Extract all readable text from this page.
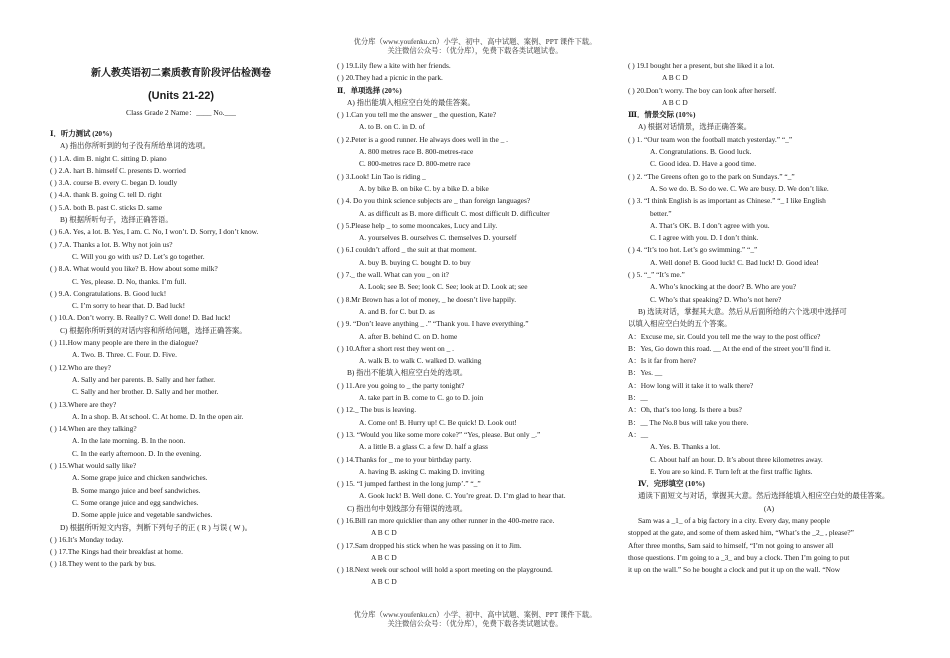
优分库（www.youfenku.cn）小学、初中、高中试题、案例、PPT 课件下载。
关注微信公众号：（优分库），免费下载各类试题试卷。
新人教英语初二素质教育阶段评估检测卷
(Units 21-22)
Class Grade 2 Name：____ No.___
Ⅰ．听力测试 (20%)
A) 指出你所听到的句子没有所给单词的选项。
( ) 1.A. dim B. night C. sitting D. piano
( ) 2.A. hart B. himself C. presents D. worried
( ) 3.A. course B. every C. began D. loudly
( ) 4.A. thank B. going C. tell D. right
( ) 5.A. both B. past C. sticks D. same
B) 根据所听句子，选择正确答语。
( ) 6.A. Yes, a lot. B. Yes, I am. C. No, I won’t. D. Sorry, I don’t know.
( ) 7.A. Thanks a lot. B. Why not join us?
C. Will you go with us? D. Let’s go together.
( ) 8.A. What would you like? B. How about some milk?
C. Yes, please. D. No, thanks. I’m full.
( ) 9.A. Congratulations. B. Good luck!
C. I’m sorry to hear that. D. Bad luck!
( ) 10.A. Don’t worry. B. Really? C. Well done! D. Bad luck!
C) 根据你所听到的对话内容和所给问题，选择正确答案。
( ) 11.How many people are there in the dialogue?
A. Two. B. Three. C. Four. D. Five.
( ) 12.Who are they?
A. Sally and her parents. B. Sally and her father.
C. Sally and her brother. D. Sally and her mother.
( ) 13.Where are they?
A. In a shop. B. At school. C. At home. D. In the open air.
( ) 14.When are they talking?
A. In the late morning. B. In the noon.
C. In the early afternoon. D. In the evening.
( ) 15.What would sally like?
A. Some grape juice and chicken sandwiches.
B. Some mango juice and beef sandwiches.
C. Some orange juice and egg sandwiches.
D. Some apple juice and vegetable sandwiches.
D) 根据所听短文内容，判断下列句子的正 ( R ) 与误 ( W )。
( ) 16.It’s Monday today.
( ) 17.The Kings had their breakfast at home.
( ) 18.They went to the park by bus.
( ) 19.Lily flew a kite with her friends.
( ) 20.They had a picnic in the park.
Ⅱ．单项选择 (20%)
A) 指出能填入相应空白处的最佳答案。
( ) 1.Can you tell me the answer _ the question, Kate?
A. to B. on C. in D. of
( ) 2.Peter is a good runner. He always does well in the _ .
A. 800 metres race B. 800-metres-race
C. 800-metres race D. 800-metre race
( ) 3.Look! Lin Tao is riding _
A. by bike B. on bike C. by a bike D. a bike
( ) 4. Do you think science subjects are _ than foreign languages?
A. as difficult as B. more difficult C. most difficult D. difficulter
( ) 5.Please help _ to some mooncakes, Lucy and Lily.
A. yourselves B. ourselves C. themselves D. yourself
( ) 6.I couldn’t afford _ the suit at that moment.
A. buy B. buying C. bought D. to buy
( ) 7._ the wall. What can you _ on it?
A. Look; see B. See; look C. See; look at D. Look at; see
( ) 8.Mr Brown has a lot of money, _ he doesn’t live happily.
A. and B. for C. but D. as
( ) 9. “Don’t leave anything _ .” “Thank you. I have everything.”
A. after B. behind C. on D. home
( ) 10.After a short rest they went on _ .
A. walk B. to walk C. walked D. walking
B) 指出不能填入相应空白处的选项。
( ) 11.Are you going to _ the party tonight?
A. take part in B. come to C. go to D. join
( ) 12._ The bus is leaving.
A. Come on! B. Hurry up! C. Be quick! D. Look out!
( ) 13. “Would you like some more coke?” “Yes, please. But only _.”
A. a little B. a glass C. a few D. half a glass
( ) 14.Thanks for _ me to your birthday party.
A. having B. asking C. making D. inviting
( ) 15. “I jumped farthest in the long jump’.” “_”
A. Gook luck! B. Well done. C. You’re great. D. I’m glad to hear that.
C) 指出句中划线部分有错误的选项。
( ) 16.Bill ran more quicklier than any other runner in the 400-metre race.
A B C D
( ) 17.Sam dropped his stick when he was passing on it to Jim.
A B C D
( ) 18.Next week our school will hold a sport meeting on the playground.
A B C D
( ) 19.I bought her a present, but she liked it a lot.
A B C D
( ) 20.Don’t worry. The boy can look after herself.
A B C D
Ⅲ．情景交际 (10%)
A) 根据对话情景，选择正确答案。
( ) 1. “Our team won the football match yesterday.” “_”
A. Congratulations. B. Good luck.
C. Good idea. D. Have a good time.
( ) 2. “The Greens often go to the park on Sundays.” “_”
A. So we do. B. So do we. C. We are busy. D. We don’t like.
( ) 3. “I think English is as important as Chinese.” “_ I like English
better.”
A. That’s OK. B. I don’t agree with you.
C. I agree with you. D. I don’t think.
( ) 4. “It’s too hot. Let’s go swimming.” “_”
A. Well done! B. Good luck! C. Bad luck! D. Good idea!
( ) 5. “_” “It’s me.”
A. Who’s knocking at the door? B. Who are you?
C. Who’s that speaking? D. Who’s not here?
B) 选读对话，掌握其大意。然后从后面所给的六个选项中选择可
以填入相应空白处的五个答案。
A：Excuse me, sir. Could you tell me the way to the post office?
B：Yes, Go down this road. __ At the end of the street you’ll find it.
A：Is it far from here?
B：Yes. __
A：How long will it take it to walk there?
B：__
A：Oh, that’s too long. Is there a bus?
B：__ The No.8 bus will take you there.
A：__
A. Yes. B. Thanks a lot.
C. About half an hour. D. It’s about three kilometres away.
E. You are so kind. F. Turn left at the first traffic lights.
Ⅳ．完形填空 (10%)
通读下面短文与对话，掌握其大意。然后选择能填入相应空白处的最佳答案。
(A)
Sam was a _1_ of a big factory in a city. Every day, many people
stopped at the gate, and some of them asked him, “What’s the _2_ , please?”
After three months, Sam said to himself, “I’m not going to answer all
those questions. I’m going to a _3_ and buy a clock. Then I’m going to put
it up on the wall.” So he bought a clock and put it up on the wall. “Now
优分库（www.youfenku.cn）小学、初中、高中试题、案例、PPT 课件下载。
关注微信公众号：（优分库），免费下载各类试题试卷。
